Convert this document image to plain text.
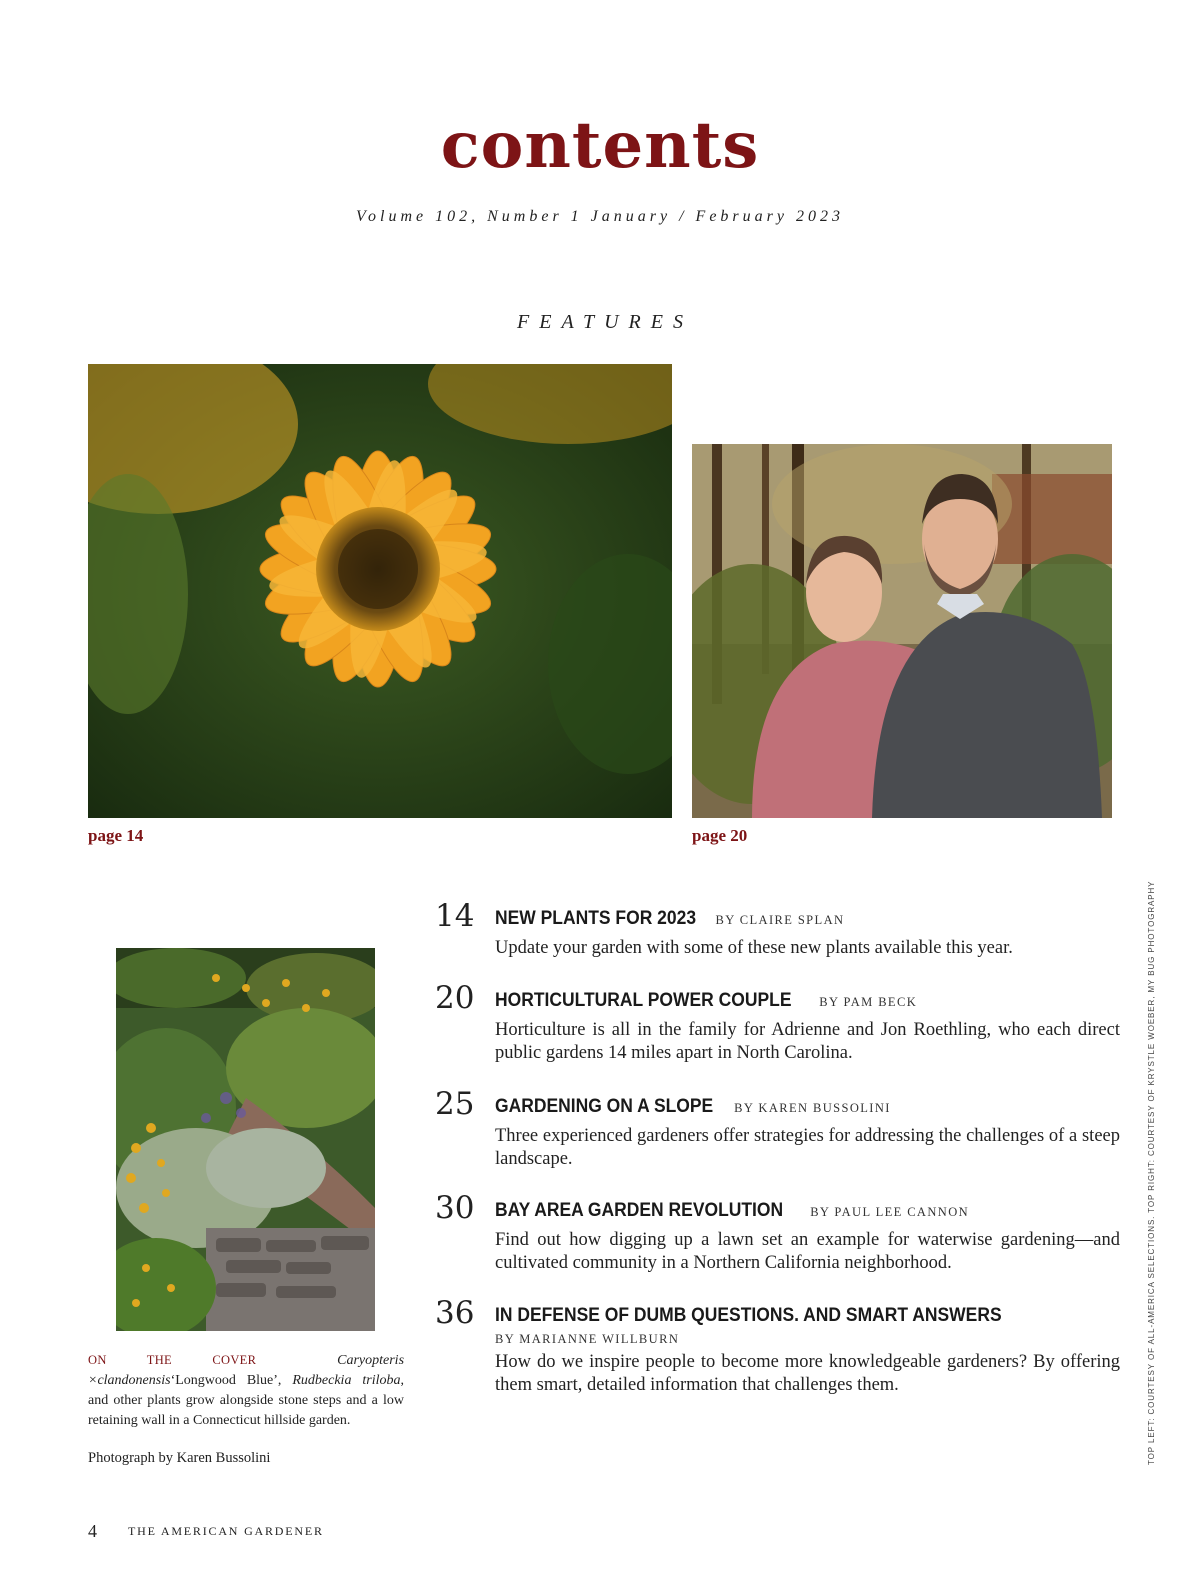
contents
Volume 102, Number 1 January / February 2023
FEATURES
page 14	page 20
14 NEW PLANTS FOR 2023 BY CLAIRE SPLAN
Update your garden with some of these new plants available this year.
20 HORTICULTURAL POWER COUPLE BY PAM BECK
Horticulture is all in the family for Adrienne and Jon Roethling, who each direct public gardens 14 miles apart in North Carolina.
25 GARDENING ON A SLOPE BY KAREN BUSSOLINI
Three experienced gardeners offer strategies for addressing the challenges of a steep landscape.
30 BAY AREA GARDEN REVOLUTION BY PAUL LEE CANNON
Find out how digging up a lawn set an example for waterwise gardening—and cultivated community in a Northern California neighborhood.
36 IN DEFENSE OF DUMB QUESTIONS. AND SMART ANSWERS
BY MARIANNE WILLBURN
How do we inspire people to become more knowledgeable gardeners? By offering them smart, detailed information that challenges them.
ON THE COVER	Caryopteris ×clandonensis‘Longwood Blue’, Rudbeckia triloba, and other plants grow alongside stone steps and a low retaining wall in a Connecticut hillside garden.
Photograph by Karen Bussolini	TOP LEFT: COURTESY OF ALL-AMERICA SELECTIONS. TOP RIGHT: COURTESY OF KRYSTLE WOEBER, MY BUG PHOTOGRAPHY
4	THE AMERICAN GARDENER
